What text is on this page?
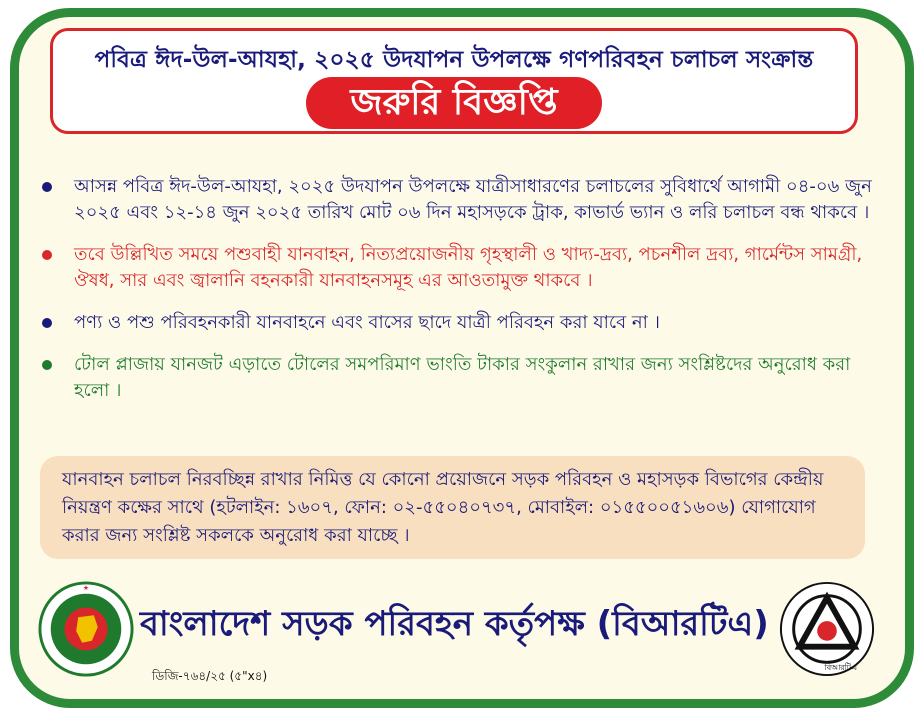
পবিত্র ঈদ-উল-আযহা, ২০২৫ উদযাপন উপলক্ষে গণপরিবহন চলাচল সংক্রান্ত
জরুরি বিজ্ঞপ্তি
আসন্ন পবিত্র ঈদ-উল-আযহা, ২০২৫ উদযাপন উপলক্ষে যাত্রীসাধারণের চলাচলের সুবিধার্থে আগামী ০৪-০৬ জুন ২০২৫ এবং ১২-১৪ জুন ২০২৫ তারিখ মোট ০৬ দিন মহাসড়কে ট্রাক, কাভার্ড ভ্যান ও লরি চলাচল বন্ধ থাকবে ।
তবে উল্লিখিত সময়ে পশুবাহী যানবাহন, নিত্যপ্রয়োজনীয় গৃহস্থালী ও খাদ্য-দ্রব্য, পচনশীল দ্রব্য, গার্মেন্টস সামগ্রী, ঔষধ, সার এবং জ্বালানি বহনকারী যানবাহনসমূহ এর আওতামুক্ত থাকবে ।
পণ্য ও পশু পরিবহনকারী যানবাহনে এবং বাসের ছাদে যাত্রী পরিবহন করা যাবে না ।
টোল প্লাজায় যানজট এড়াতে টোলের সমপরিমাণ ভাংতি টাকার সংকুলান রাখার জন্য সংশ্লিষ্টদের অনুরোধ করা হলো ।
যানবাহন চলাচল নিরবচ্ছিন্ন রাখার নিমিত্ত যে কোনো প্রয়োজনে সড়ক পরিবহন ও মহাসড়ক বিভাগের কেন্দ্রীয় নিয়ন্ত্রণ কক্ষের সাথে (হটলাইন: ১৬০৭, ফোন: ০২-৫৫০৪০৭৩৭, মোবাইল: ০১৫৫০০৫১৬০৬) যোগাযোগ করার জন্য সংশ্লিষ্ট সকলকে অনুরোধ করা যাচ্ছে ।
★
বিআরটিএ
বাংলাদেশ সড়ক পরিবহন কর্তৃপক্ষ (বিআরটিএ)
ডিজি-৭৬৪/২৫ (৫"x৪)
